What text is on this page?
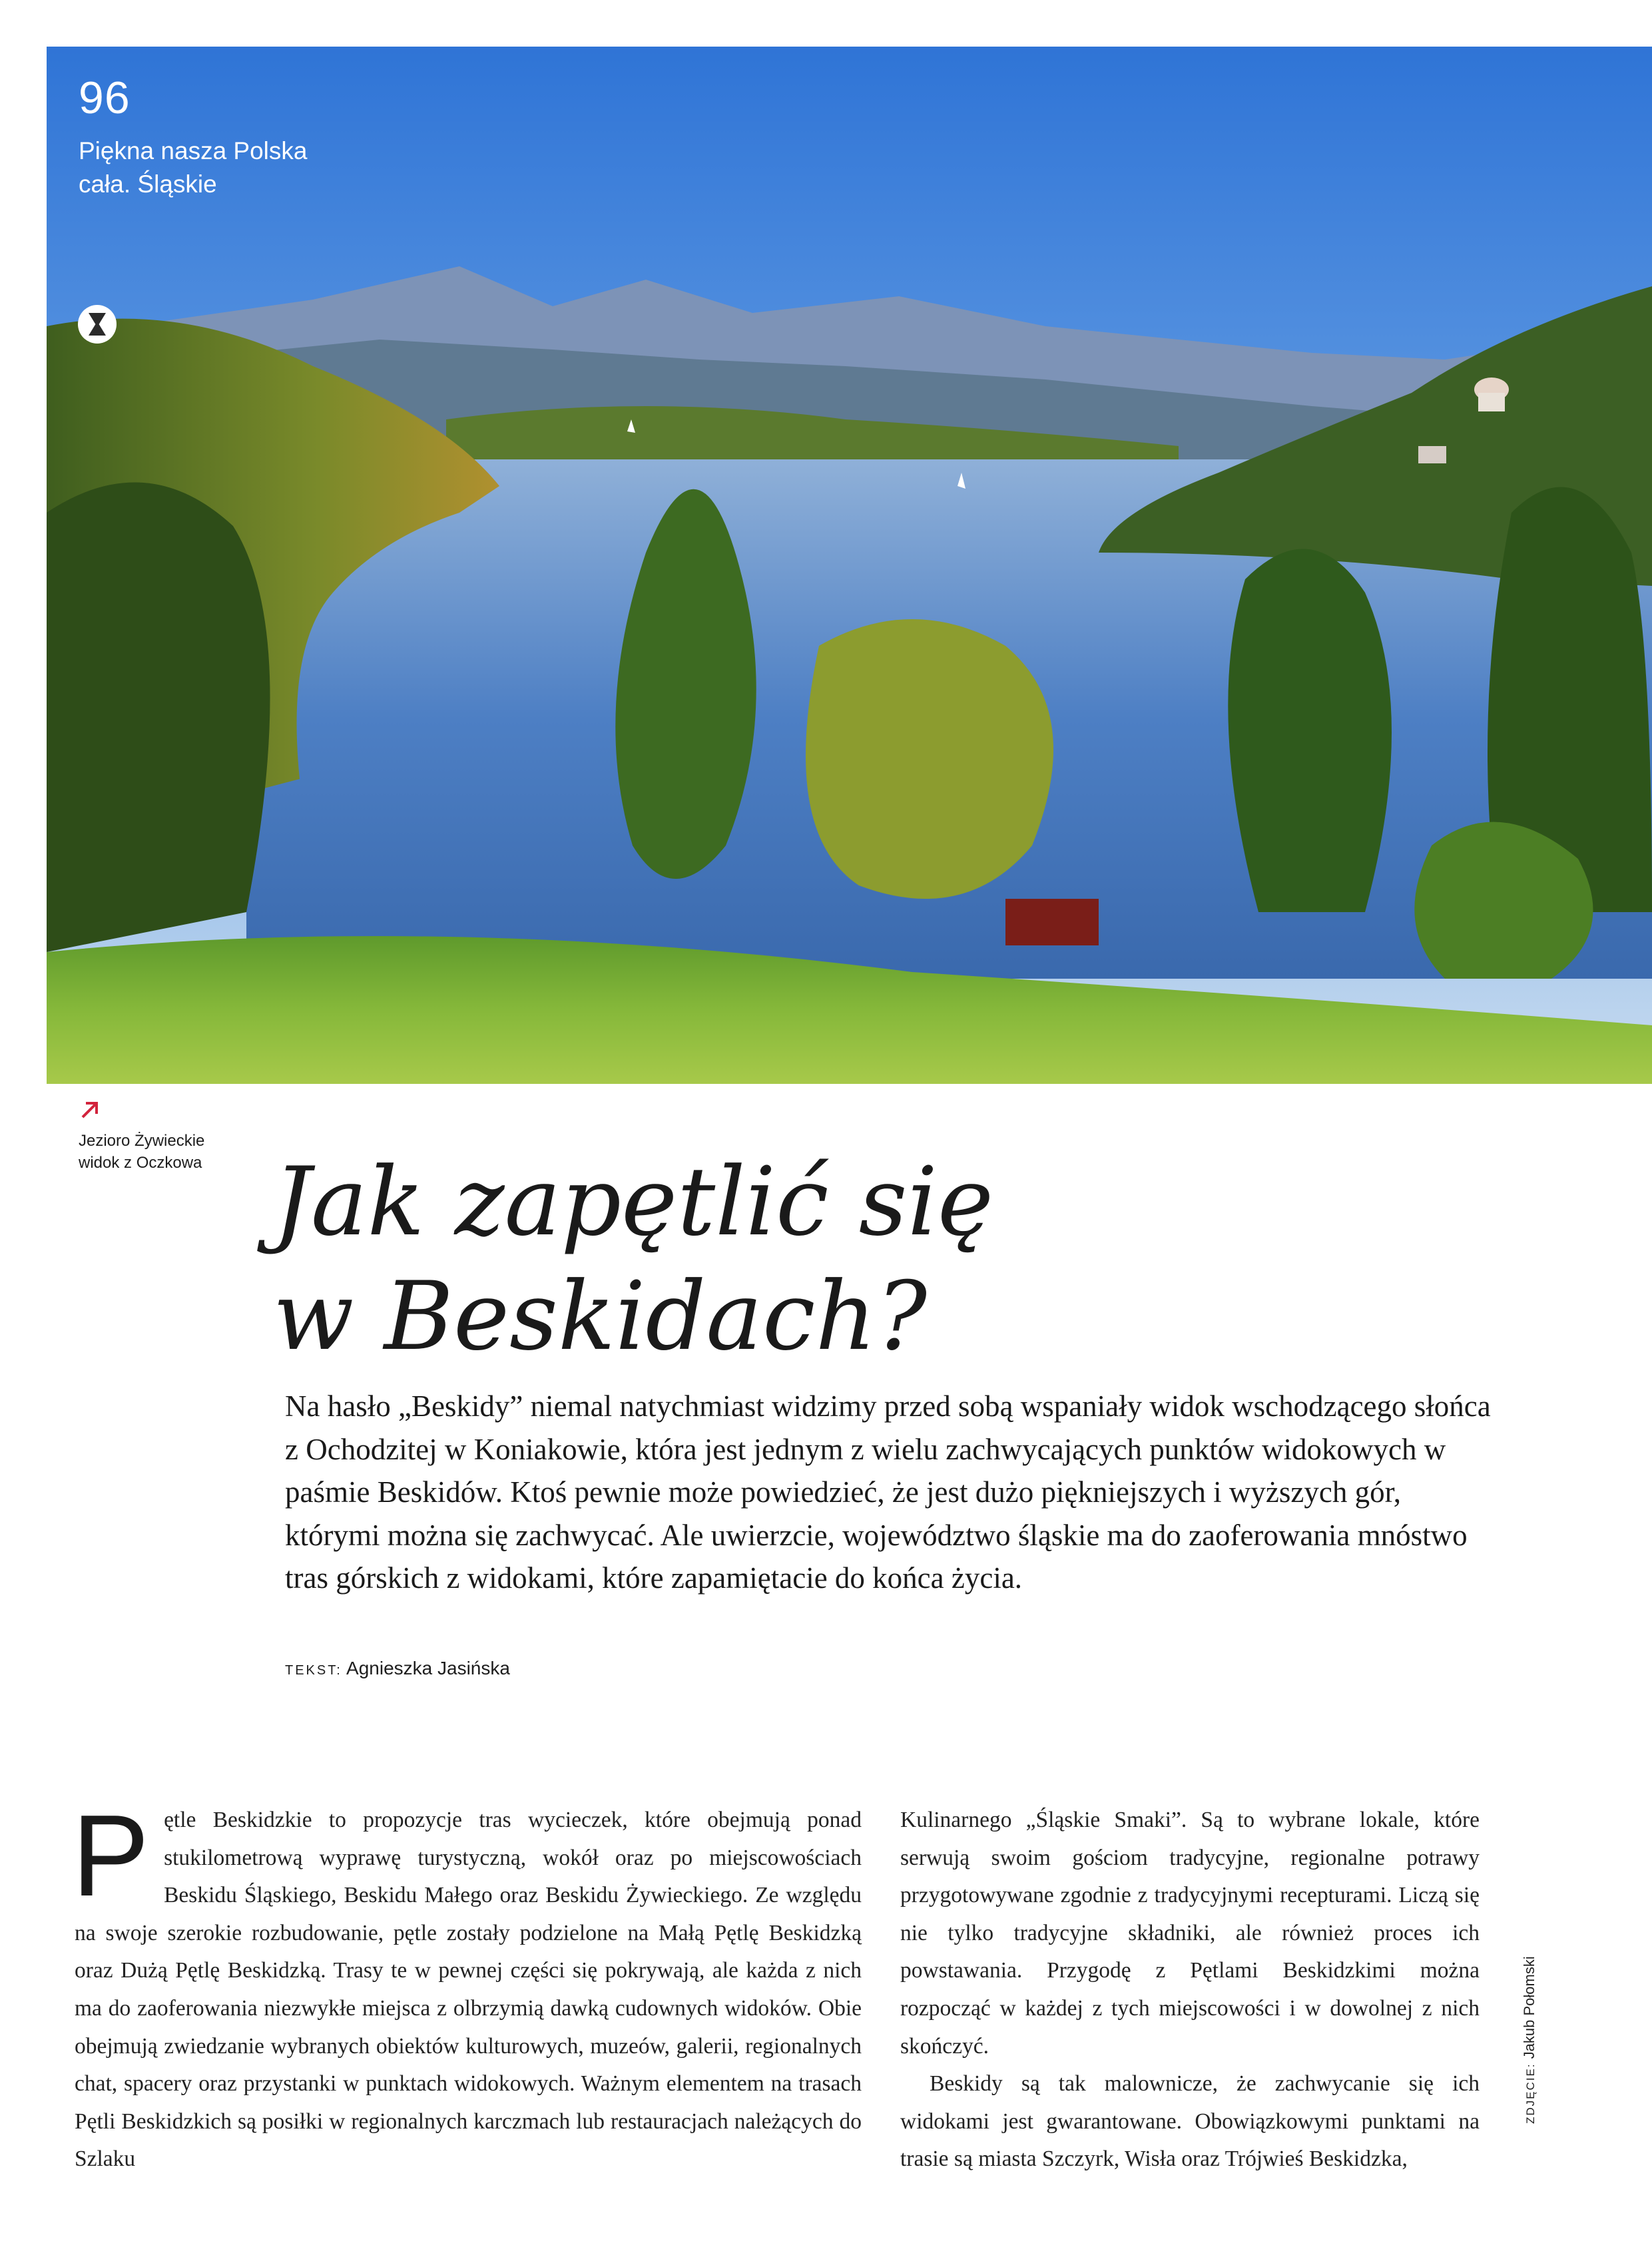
96
Piękna nasza Polska cała. Śląskie
Jezioro Żywieckie widok z Oczkowa Jak zapętlić się
w Beskidach?

Na hasło „Beskidy” niemal natychmiast widzimy przed sobą wspaniały widok wschodzącego słońca z Ochodzitej w Koniakowie, która jest jednym z wielu zachwycających punktów widokowych w paśmie Beskidów. Ktoś pewnie może powiedzieć, że jest dużo piękniejszych i wyższych gór, którymi można się zachwycać. Ale uwierzcie, województwo śląskie ma do zaoferowania mnóstwo tras górskich z widokami, które zapamiętacie do końca życia.

TEKST: Agnieszka Jasińska
P ętle Beskidzkie to propozycje tras wycieczek, które obejmują ponad stukilometrową wyprawę turystyczną, wokół oraz po miejscowościach Beskidu Śląskiego, Beskidu Małego oraz Beskidu Żywieckiego. Ze względu na swoje szerokie rozbudowanie, pętle zostały podzielone na Małą Pętlę Beskidzką oraz Dużą Pętlę Beskidzką. Trasy te w pewnej części się pokrywają, ale każda z nich ma do zaoferowania niezwykłe miejsca z olbrzymią dawką cudownych widoków. Obie obejmują zwiedzanie wybranych obiektów kulturowych, muzeów, galerii, regionalnych chat, spacery oraz przystanki w punktach widokowych. Ważnym elementem na trasach Pętli Beskidzkich są posiłki w regionalnych karczmach lub restauracjach należących do Szlaku

Kulinarnego „Śląskie Smaki”. Są to wybrane lokale, które serwują swoim gościom tradycyjne, regionalne potrawy przygotowywane zgodnie z tradycyjnymi recepturami. Liczą się nie tylko tradycyjne składniki, ale również proces ich powstawania. Przygodę z Pętlami Beskidzkimi można rozpocząć w każdej z tych miejscowości i w dowolnej z nich skończyć.

Beskidy są tak malownicze, że zachwycanie się ich widokami jest gwarantowane. Obowiązkowymi punktami na trasie są miasta Szczyrk, Wisła oraz Trójwieś Beskidzka,

ZDJĘCIE: Jakub Połomski
